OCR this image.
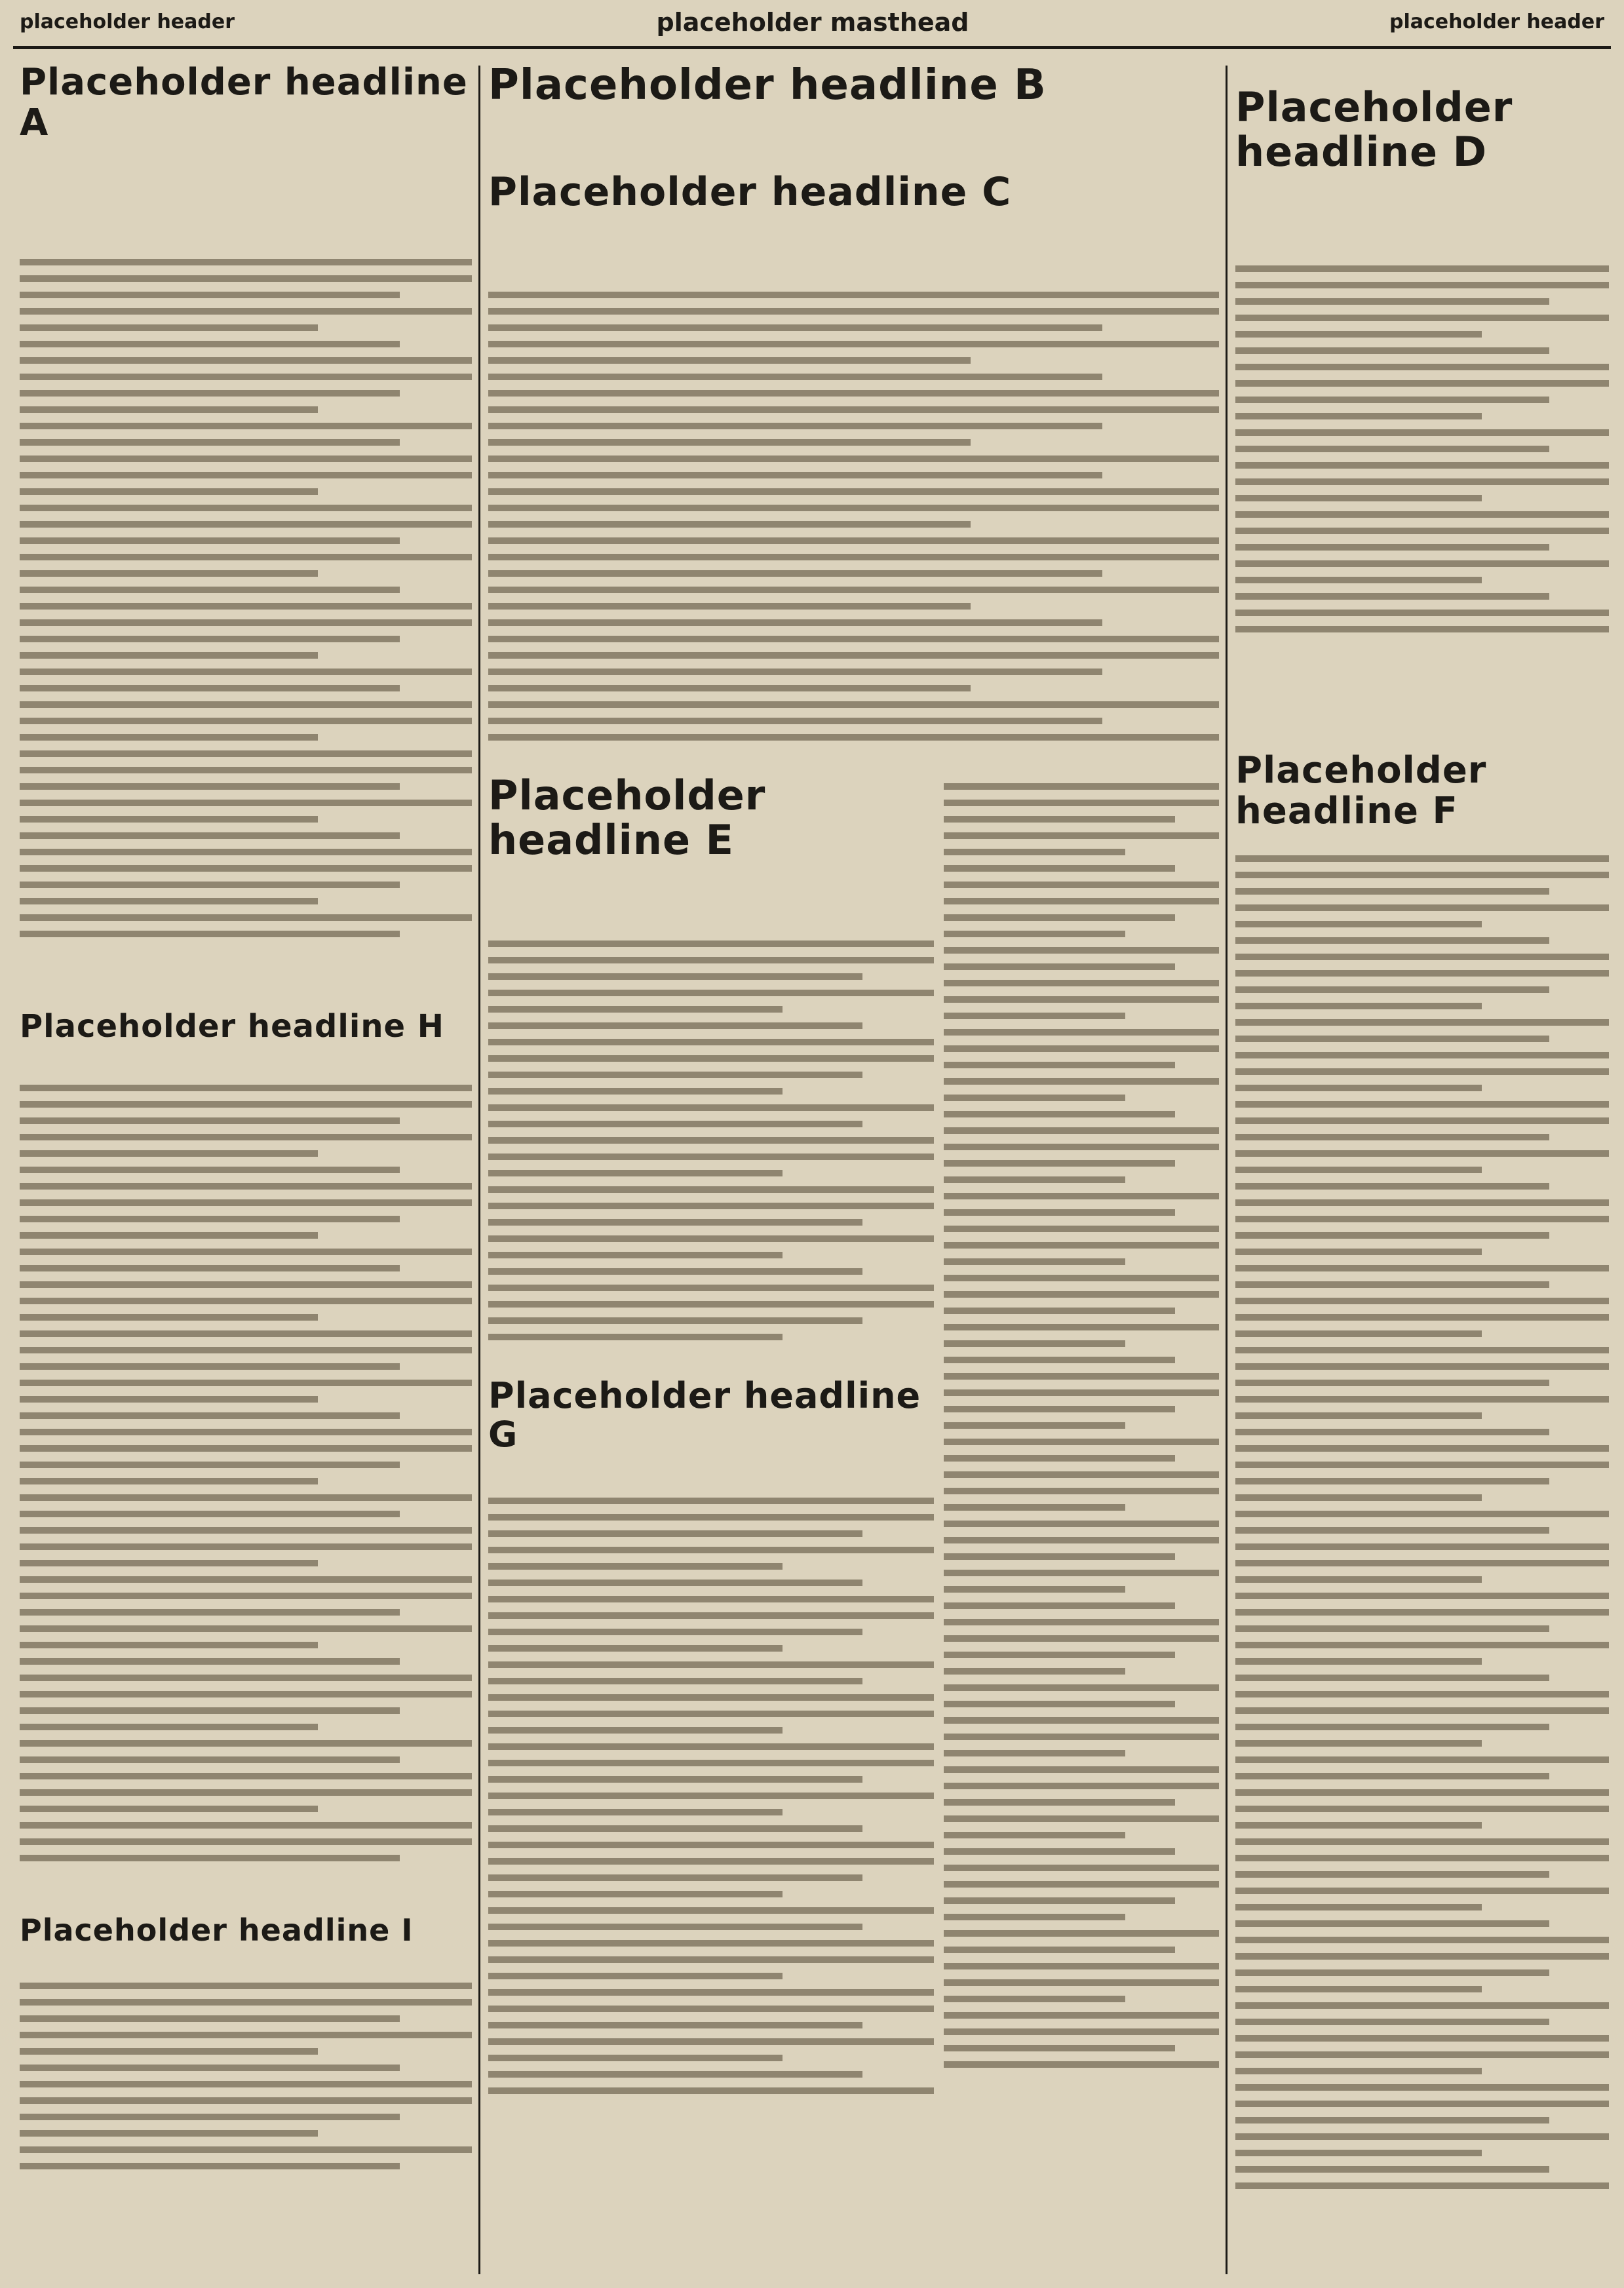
placeholder header	placeholder masthead	placeholder header
Placeholder headline A
Placeholder headline B
Placeholder headline C
Placeholder headline D
Placeholder headline E
Placeholder headline F
Placeholder headline G
Placeholder headline H
Placeholder headline I
